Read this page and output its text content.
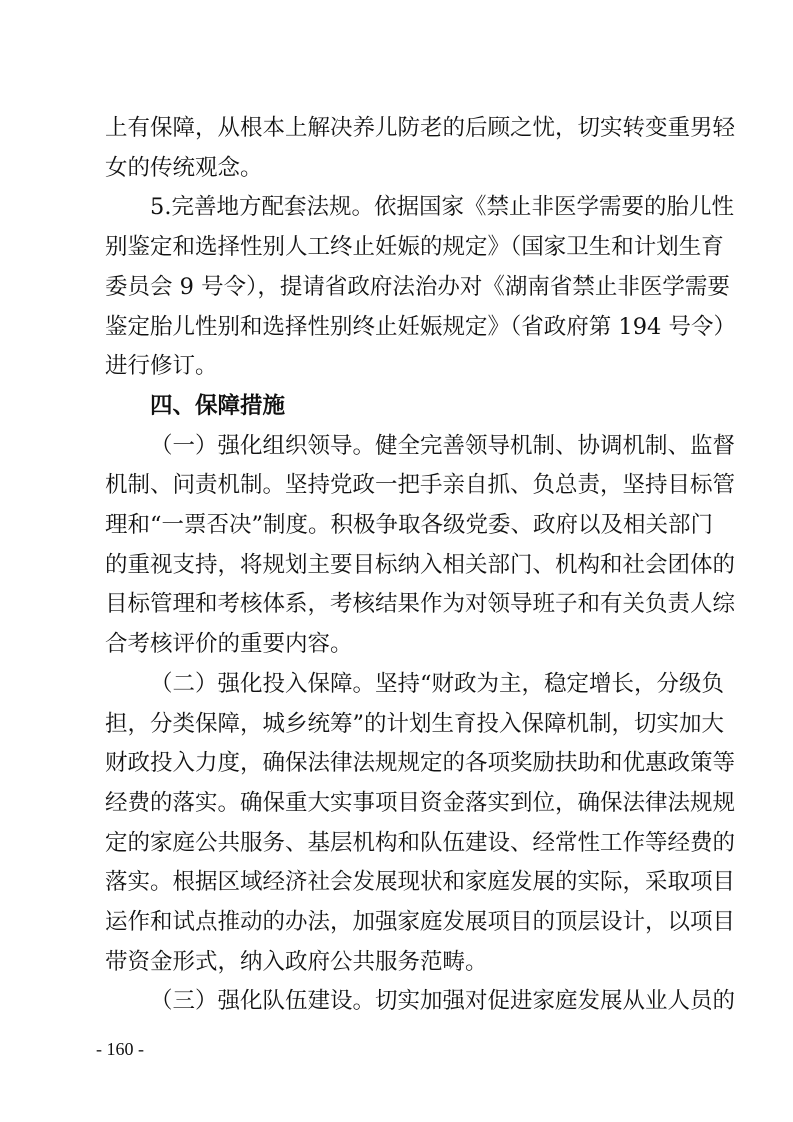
上有保障，从根本上解决养儿防老的后顾之忧，切实转变重男轻
女的传统观念。
5.完善地方配套法规。依据国家《禁止非医学需要的胎儿性
别鉴定和选择性别人工终止妊娠的规定》（国家卫生和计划生育
委员会 9 号令），提请省政府法治办对《湖南省禁止非医学需要
鉴定胎儿性别和选择性别终止妊娠规定》（省政府第 194 号令）
进行修订。
四、保障措施
（一）强化组织领导。健全完善领导机制、协调机制、监督
机制、问责机制。坚持党政一把手亲自抓、负总责，坚持目标管
理和“一票否决”制度。积极争取各级党委、政府以及相关部门
的重视支持，将规划主要目标纳入相关部门、机构和社会团体的
目标管理和考核体系，考核结果作为对领导班子和有关负责人综
合考核评价的重要内容。
（二）强化投入保障。坚持“财政为主，稳定增长，分级负
担，分类保障，城乡统筹”的计划生育投入保障机制，切实加大
财政投入力度，确保法律法规规定的各项奖励扶助和优惠政策等
经费的落实。确保重大实事项目资金落实到位，确保法律法规规
定的家庭公共服务、基层机构和队伍建设、经常性工作等经费的
落实。根据区域经济社会发展现状和家庭发展的实际，采取项目
运作和试点推动的办法，加强家庭发展项目的顶层设计，以项目
带资金形式，纳入政府公共服务范畴。
（三）强化队伍建设。切实加强对促进家庭发展从业人员的
- 160 -
